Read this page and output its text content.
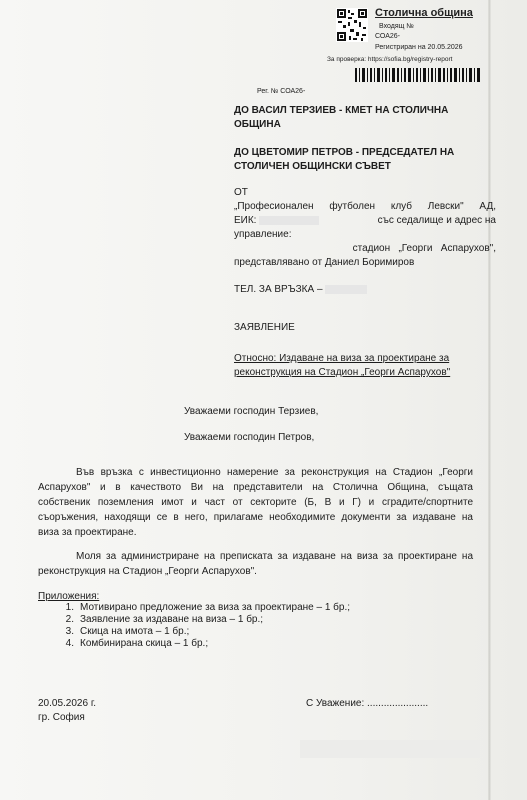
Столична община
Входящ №
СОА26-
Регистриран на 20.05.2026
За проверка: https://sofia.bg/registry-report
Рег. № СОА26-
ДО ВАСИЛ ТЕРЗИЕВ - КМЕТ НА СТОЛИЧНА ОБЩИНА
ДО ЦВЕТОМИР ПЕТРОВ - ПРЕДСЕДАТЕЛ НА СТОЛИЧЕН ОБЩИНСКИ СЪВЕТ
ОТ
„Професионален футболен клуб Левски" АД,
ЕИК:	със седалище и адрес на
управление:
стадион   „Георги   Аспарухов",
представлявано от Даниел Боримиров
ТЕЛ. ЗА ВРЪЗКА –
ЗАЯВЛЕНИЕ
Относно: Издаване на виза за проектиране за
реконструкция на Стадион „Георги Аспарухов"
Уважаеми господин Терзиев,
Уважаеми господин Петров,
Във връзка с инвестиционно намерение за реконструкция на Стадион „Георги
Аспарухов" и в качеството Ви на представители на Столична Община, същата
собственик поземления имот и част от секторите (Б, В и Г) и сградите/спортните
съоръжения, находящи се в него, прилагаме необходимите документи за издаване на
виза за проектиране.
Моля за администриране на преписката за издаване на виза за проектиране на
реконструкция на Стадион „Георги Аспарухов".
Приложения:
1. Мотивирано предложение за виза за проектиране – 1 бр.;
2. Заявление за издаване на виза – 1 бр.;
3. Скица на имота – 1 бр.;
4. Комбинирана скица – 1 бр.;
20.05.2026 г.
гр. София
С Уважение: ......................
